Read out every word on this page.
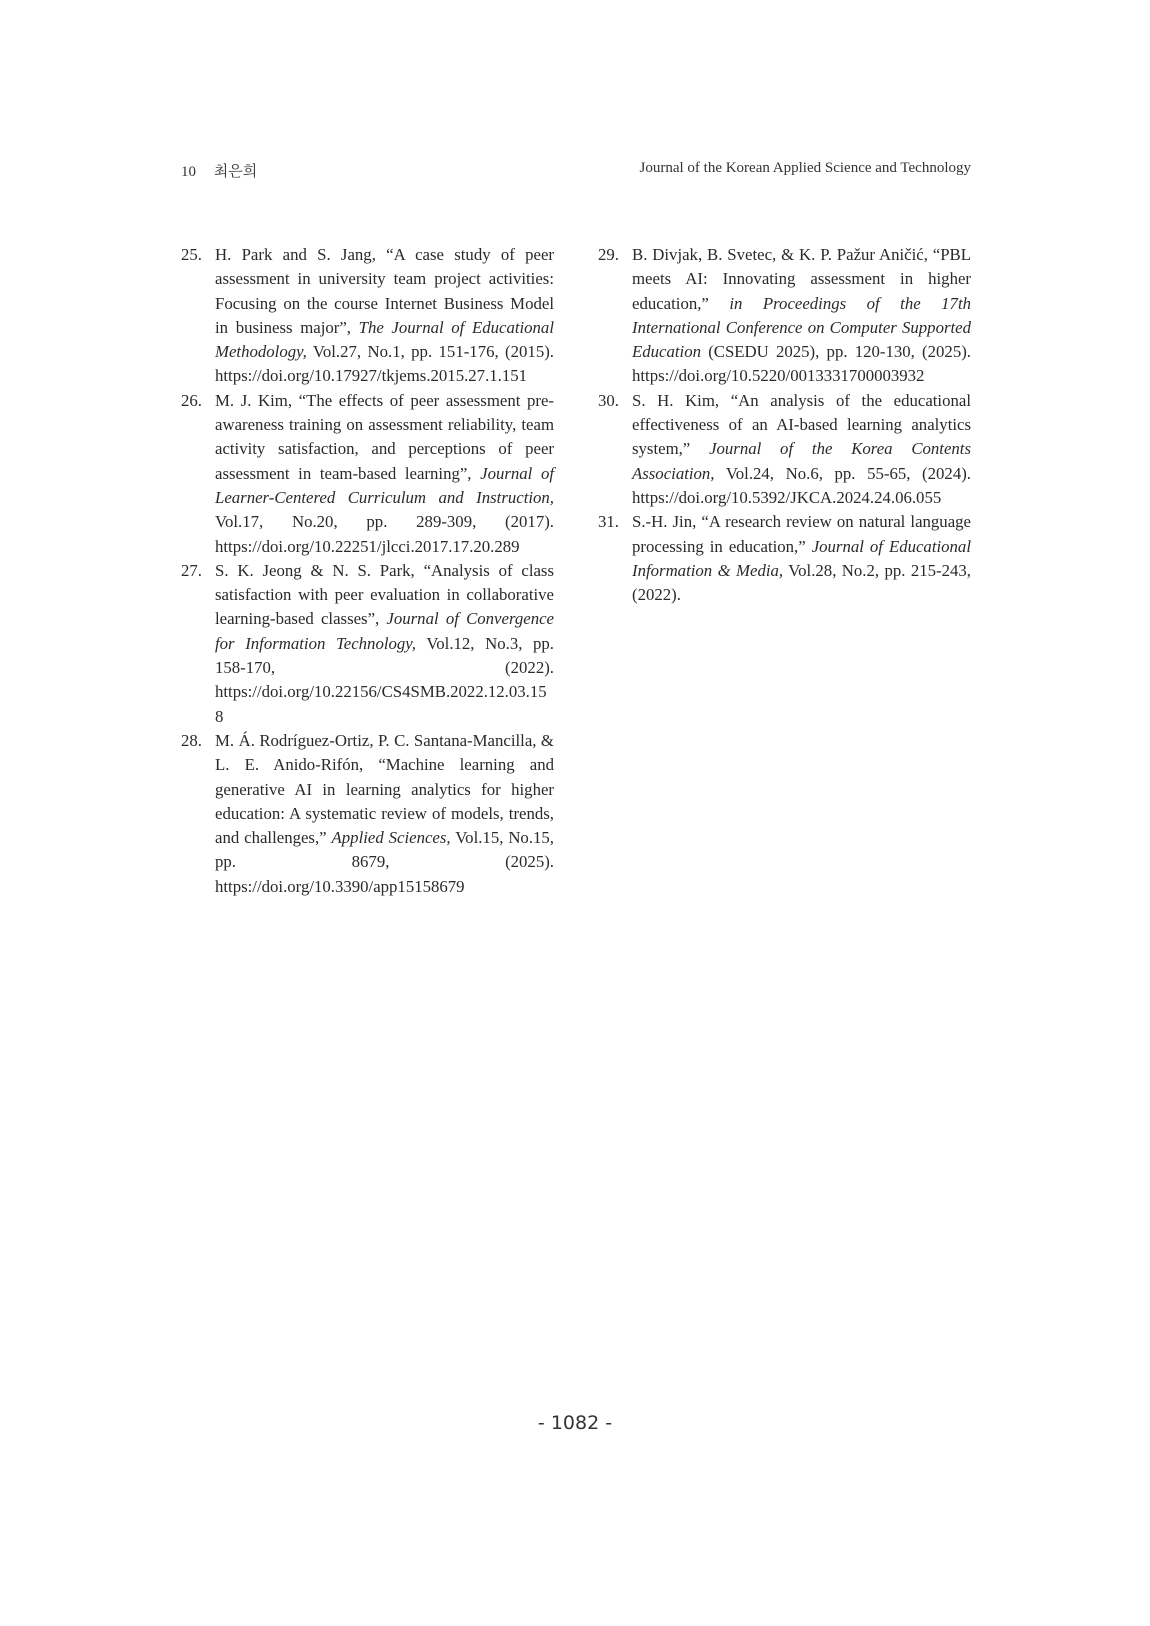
10 최은희	Journal of the Korean Applied Science and Technology

25. H. Park and S. Jang, “A case study of peer assessment in university team project activities: Focusing on the course Internet Business Model in business major”, The Journal of Educational Methodology, Vol.27, No.1, pp. 151-176, (2015). https://doi.org/10.17927/tkjems.2015.27.1.151

26. M. J. Kim, “The effects of peer assessment pre-awareness training on assessment reliability, team activity satisfaction, and perceptions of peer assessment in team-based learning”, Journal of Learner-Centered Curriculum and Instruction, Vol.17, No.20, pp. 289-309, (2017). https://doi.org/10.22251/jlcci.2017.17.20.289

27. S. K. Jeong & N. S. Park, “Analysis of class satisfaction with peer evaluation in collaborative learning-based classes”, Journal of Convergence for Information Technology, Vol.12, No.3, pp. 158-170, (2022). https://doi.org/10.22156/CS4SMB.2022.12.03.158

28. M. Á. Rodríguez-Ortiz, P. C. Santana-Mancilla, & L. E. Anido-Rifón, “Machine learning and generative AI in learning analytics for higher education: A systematic review of models, trends, and challenges,” Applied Sciences, Vol.15, No.15, pp. 8679, (2025). https://doi.org/10.3390/app15158679

29. B. Divjak, B. Svetec, & K. P. Pažur Aničić, “PBL meets AI: Innovating assessment in higher education,” in Proceedings of the 17th International Conference on Computer Supported Education (CSEDU 2025), pp. 120-130, (2025). https://doi.org/10.5220/0013331700003932

30. S. H. Kim, “An analysis of the educational effectiveness of an AI-based learning analytics system,” Journal of the Korea Contents Association, Vol.24, No.6, pp. 55-65, (2024). https://doi.org/10.5392/JKCA.2024.24.06.055

31. S.-H. Jin, “A research review on natural language processing in education,” Journal of Educational Information & Media, Vol.28, No.2, pp. 215-243, (2022).

- 1082 -
